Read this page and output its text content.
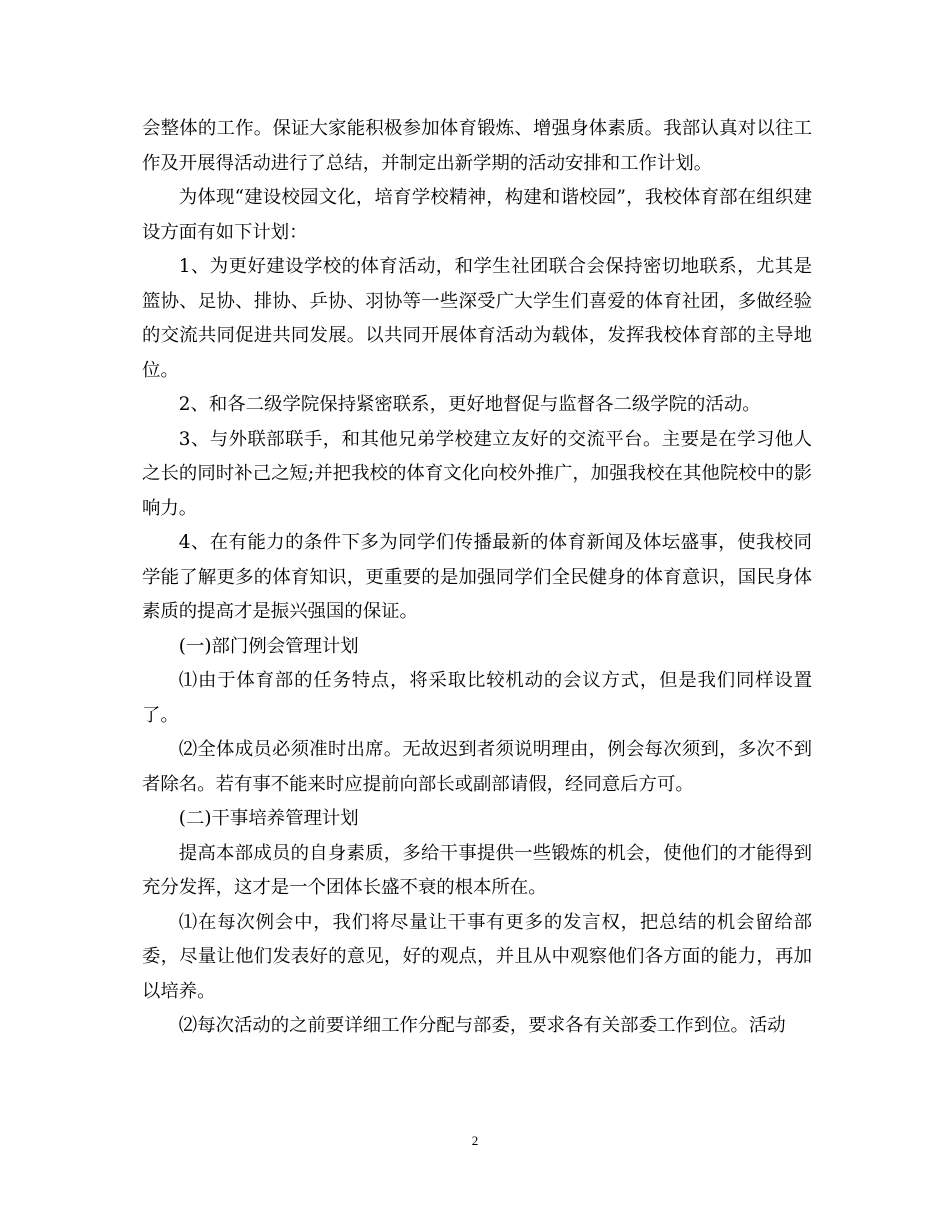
会整体的工作。保证大家能积极参加体育锻炼、增强身体素质。我部认真对以往工作及开展得活动进行了总结，并制定出新学期的活动安排和工作计划。

为体现“建设校园文化，培育学校精神，构建和谐校园”，我校体育部在组织建设方面有如下计划：

1、为更好建设学校的体育活动，和学生社团联合会保持密切地联系，尤其是篮协、足协、排协、乒协、羽协等一些深受广大学生们喜爱的体育社团，多做经验的交流共同促进共同发展。以共同开展体育活动为载体，发挥我校体育部的主导地位。

2、和各二级学院保持紧密联系，更好地督促与监督各二级学院的活动。

3、与外联部联手，和其他兄弟学校建立友好的交流平台。主要是在学习他人之长的同时补己之短;并把我校的体育文化向校外推广，加强我校在其他院校中的影响力。

4、在有能力的条件下多为同学们传播最新的体育新闻及体坛盛事，使我校同学能了解更多的体育知识，更重要的是加强同学们全民健身的体育意识，国民身体素质的提高才是振兴强国的保证。

(一)部门例会管理计划

⑴由于体育部的任务特点，将采取比较机动的会议方式，但是我们同样设置了。

⑵全体成员必须准时出席。无故迟到者须说明理由，例会每次须到，多次不到者除名。若有事不能来时应提前向部长或副部请假，经同意后方可。

(二)干事培养管理计划

提高本部成员的自身素质，多给干事提供一些锻炼的机会，使他们的才能得到充分发挥，这才是一个团体长盛不衰的根本所在。

⑴在每次例会中，我们将尽量让干事有更多的发言权，把总结的机会留给部委，尽量让他们发表好的意见，好的观点，并且从中观察他们各方面的能力，再加以培养。

⑵每次活动的之前要详细工作分配与部委，要求各有关部委工作到位。活动

2
